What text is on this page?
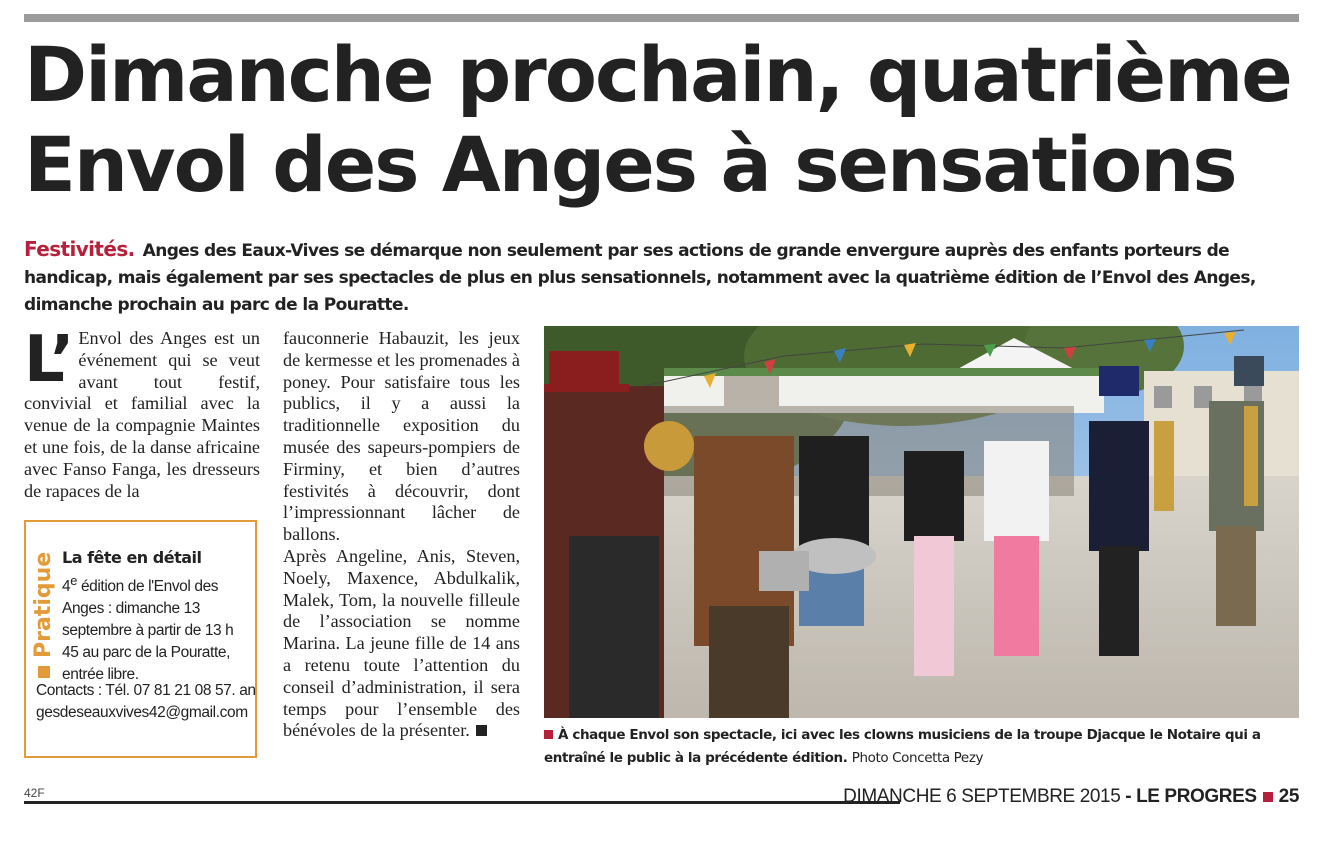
Dimanche prochain, quatrième Envol des Anges à sensations

Festivités. Anges des Eaux-Vives se démarque non seulement par ses actions de grande envergure auprès des enfants porteurs de handicap, mais également par ses spectacles de plus en plus sensationnels, notamment avec la quatrième édition de l’Envol des Anges, dimanche prochain au parc de la Pouratte.

L’ Envol des Anges est un événement qui se veut avant tout festif, convivial et familial avec la venue de la compagnie Maintes et une fois, de la danse africaine avec Fanso Fanga, les dresseurs de rapaces de la
Pratique La fête en détail
4e édition de l'Envol des Anges : dimanche 13 septembre à partir de 13 h 45 au parc de la Pouratte, entrée libre.
Contacts : Tél. 07 81 21 08 57. angesdeseauxvives42@gmail.com
fauconnerie Habauzit, les jeux de kermesse et les promenades à poney. Pour satisfaire tous les publics, il y a aussi la traditionnelle exposition du musée des sapeurs-pompiers de Firminy, et bien d’autres festivités à découvrir, dont l’impressionnant lâcher de ballons.
Après Angeline, Anis, Steven, Noely, Maxence, Abdulkalik, Malek, Tom, la nouvelle filleule de l’association se nomme Marina. La jeune fille de 14 ans a retenu toute l’attention du conseil d’administration, il sera temps pour l’ensemble des bénévoles de la présenter.	À chaque Envol son spectacle, ici avec les clowns musiciens de la troupe Djacque le Notaire qui a entraîné le public à la précédente édition. Photo Concetta Pezy
42F	DIMANCHE 6 SEPTEMBRE 2015 - LE PROGRES 25
